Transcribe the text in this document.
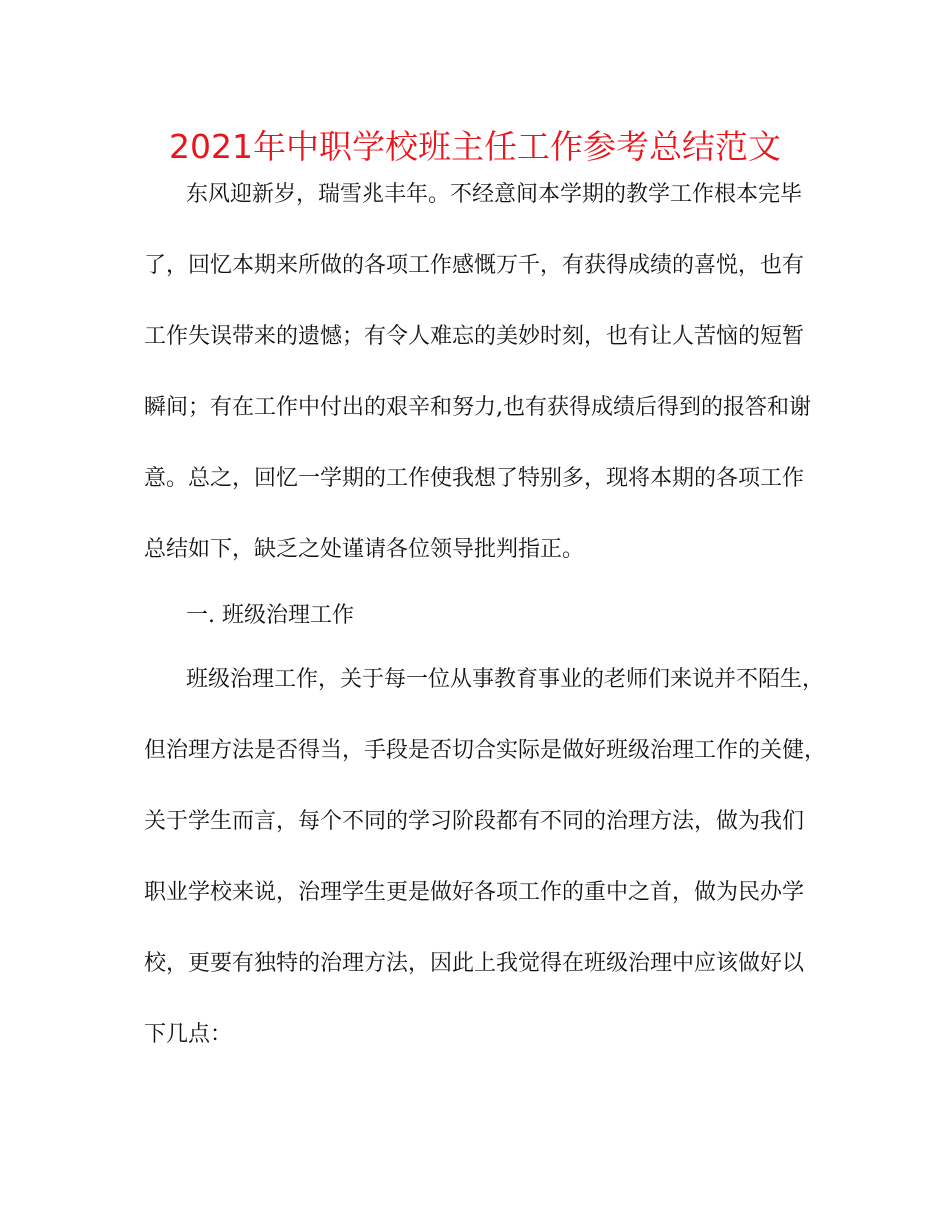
2021年中职学校班主任工作参考总结范文

东风迎新岁，瑞雪兆丰年。不经意间本学期的教学工作根本完毕

了，回忆本期来所做的各项工作感慨万千，有获得成绩的喜悦，也有

工作失误带来的遗憾；有令人难忘的美妙时刻，也有让人苦恼的短暂

瞬间；有在工作中付出的艰辛和努力,也有获得成绩后得到的报答和谢

意。总之，回忆一学期的工作使我想了特别多，现将本期的各项工作

总结如下，缺乏之处谨请各位领导批判指正。

一. 班级治理工作

班级治理工作，关于每一位从事教育事业的老师们来说并不陌生，

但治理方法是否得当，手段是否切合实际是做好班级治理工作的关健，

关于学生而言，每个不同的学习阶段都有不同的治理方法，做为我们

职业学校来说，治理学生更是做好各项工作的重中之首，做为民办学

校，更要有独特的治理方法，因此上我觉得在班级治理中应该做好以

下几点：
